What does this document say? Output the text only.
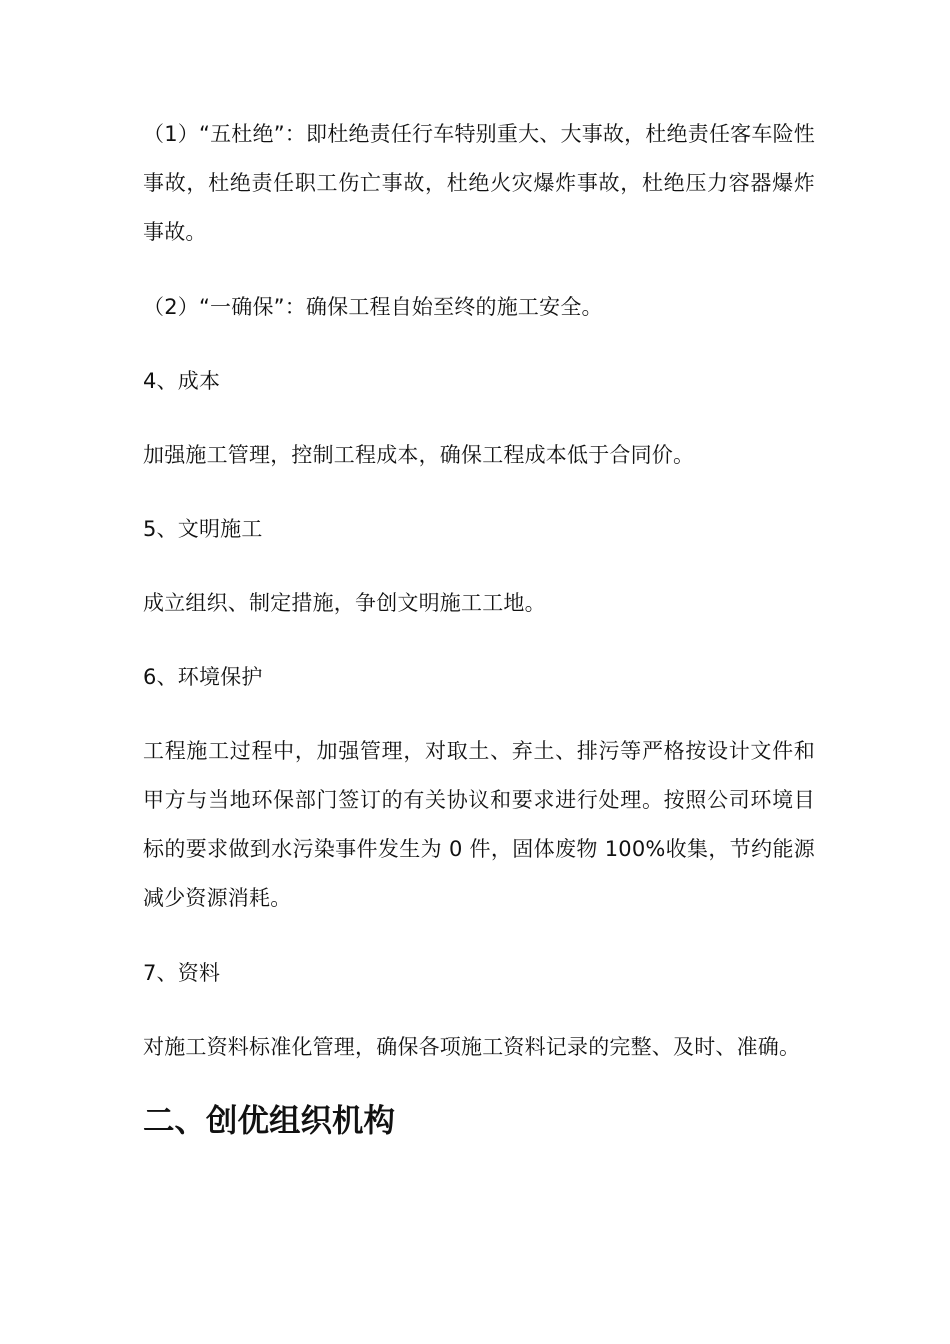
（1）“五杜绝”：即杜绝责任行车特别重大、大事故，杜绝责任客车险性事故，杜绝责任职工伤亡事故，杜绝火灾爆炸事故，杜绝压力容器爆炸事故。

（2）“一确保”：确保工程自始至终的施工安全。

4、成本

加强施工管理，控制工程成本，确保工程成本低于合同价。

5、文明施工

成立组织、制定措施，争创文明施工工地。

6、环境保护

工程施工过程中，加强管理，对取土、弃土、排污等严格按设计文件和甲方与当地环保部门签订的有关协议和要求进行处理。按照公司环境目标的要求做到水污染事件发生为 0 件，固体废物 100%收集，节约能源减少资源消耗。

7、资料

对施工资料标准化管理，确保各项施工资料记录的完整、及时、准确。

二、创优组织机构
